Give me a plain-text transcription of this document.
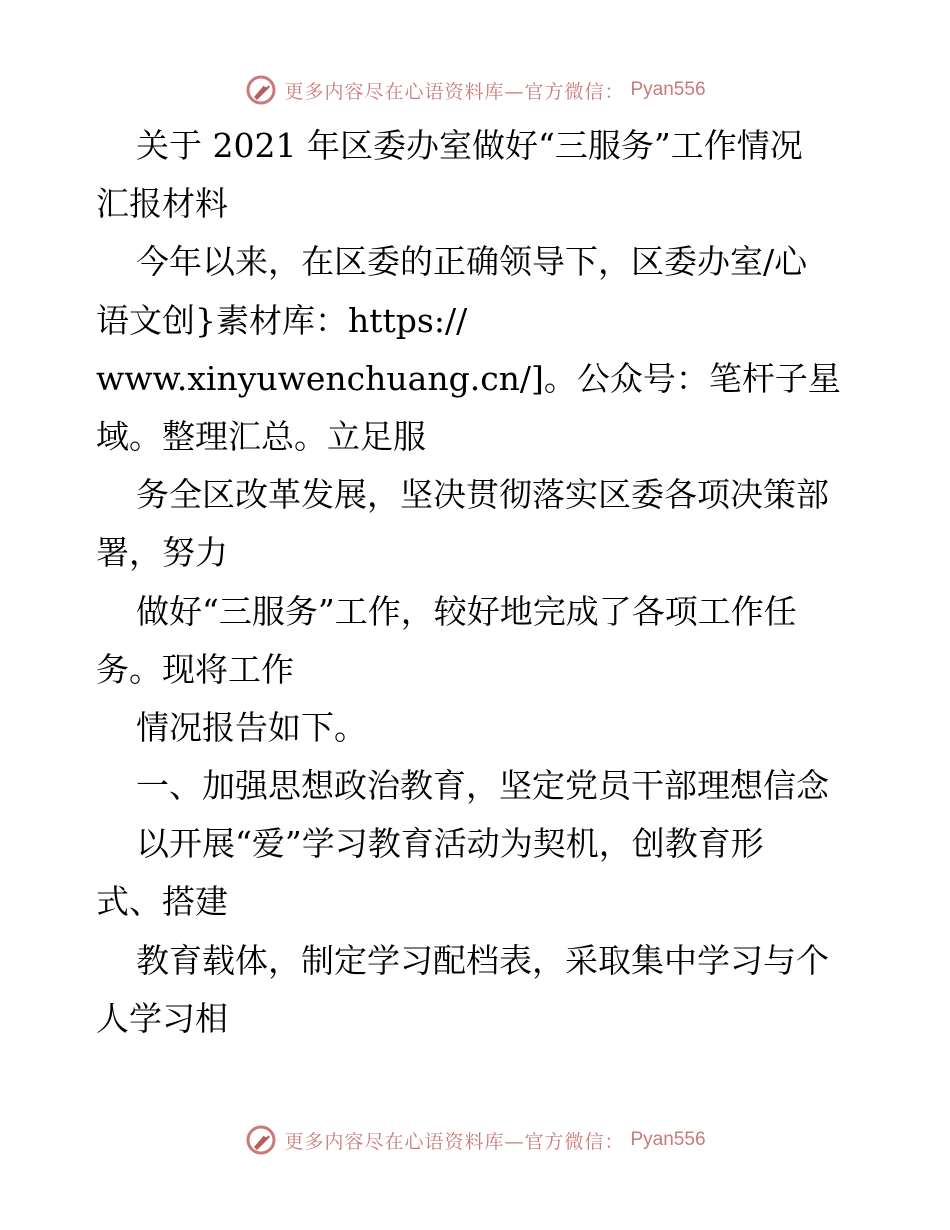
更多内容尽在心语资料库—官方微信： Pyan556
关于 2021 年区委办室做好“三服务”工作情况
汇报材料
今年以来，在区委的正确领导下，区委办室/心
语文创}素材库：https://
www.xinyuwenchuang.cn/]。公众号：笔杆子星
域。整理汇总。立足服
务全区改革发展，坚决贯彻落实区委各项决策部
署，努力
做好“三服务”工作，较好地完成了各项工作任
务。现将工作
情况报告如下。
一、加强思想政治教育，坚定党员干部理想信念
以开展“爱”学习教育活动为契机，创教育形
式、搭建
教育载体，制定学习配档表，采取集中学习与个
人学习相
更多内容尽在心语资料库—官方微信： Pyan556
